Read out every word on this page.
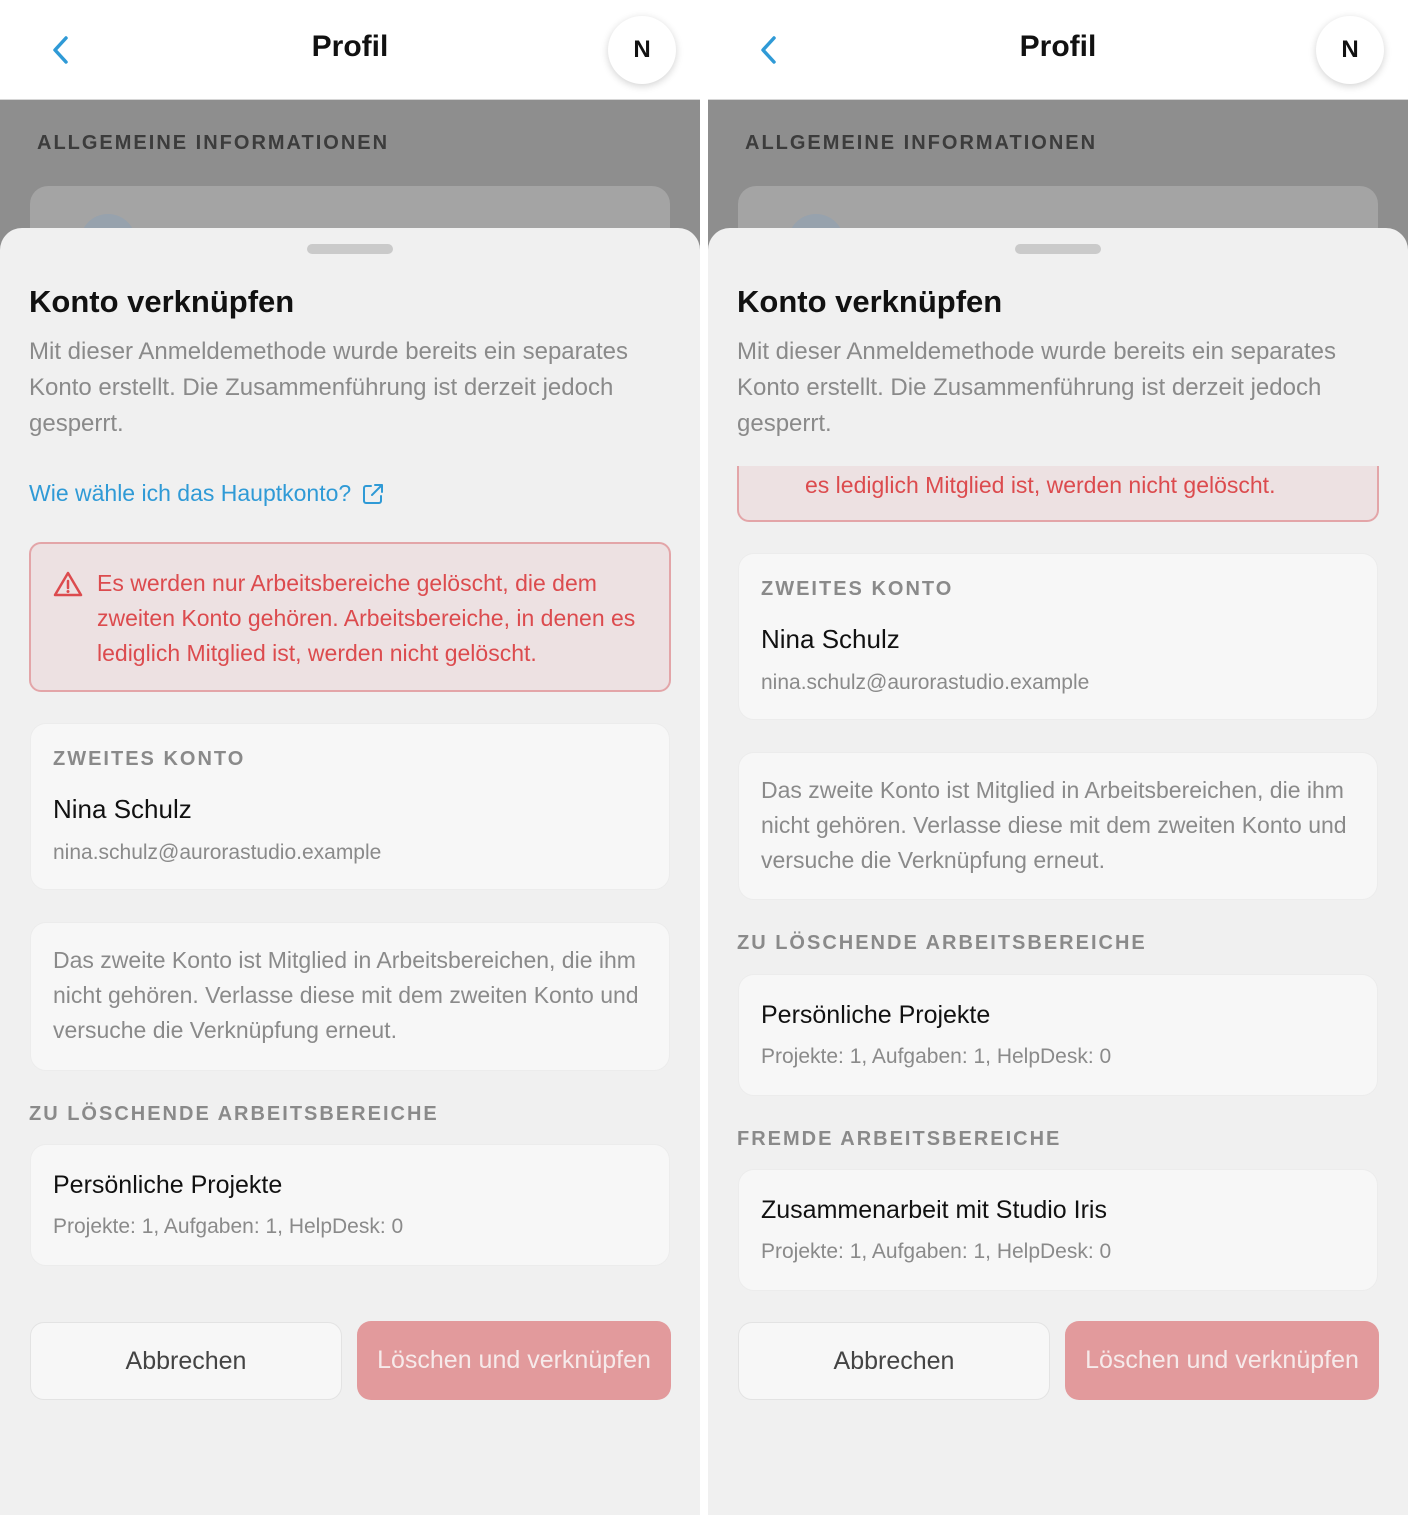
Profil	N
ALLGEMEINE INFORMATIONEN
Konto verknüpfen
Mit dieser Anmeldemethode wurde bereits ein separates Konto erstellt. Die Zusammenführung ist derzeit jedoch gesperrt.
Wie wähle ich das Hauptkonto?
Es werden nur Arbeitsbereiche gelöscht, die dem zweiten Konto gehören. Arbeitsbereiche, in denen es lediglich Mitglied ist, werden nicht gelöscht.
ZWEITES KONTO
Nina Schulz
nina.schulz@aurorastudio.example
Das zweite Konto ist Mitglied in Arbeitsbereichen, die ihm nicht gehören. Verlasse diese mit dem zweiten Konto und versuche die Verknüpfung erneut.
ZU LÖSCHENDE ARBEITSBEREICHE
Persönliche Projekte
Projekte: 1, Aufgaben: 1, HelpDesk: 0
Abbrechen	Löschen und verknüpfen
Profil	N
ALLGEMEINE INFORMATIONEN
Konto verknüpfen
Mit dieser Anmeldemethode wurde bereits ein separates Konto erstellt. Die Zusammenführung ist derzeit jedoch gesperrt.
es lediglich Mitglied ist, werden nicht gelöscht.
ZWEITES KONTO
Nina Schulz
nina.schulz@aurorastudio.example
Das zweite Konto ist Mitglied in Arbeitsbereichen, die ihm nicht gehören. Verlasse diese mit dem zweiten Konto und versuche die Verknüpfung erneut.
ZU LÖSCHENDE ARBEITSBEREICHE
Persönliche Projekte
Projekte: 1, Aufgaben: 1, HelpDesk: 0
FREMDE ARBEITSBEREICHE
Zusammenarbeit mit Studio Iris
Projekte: 1, Aufgaben: 1, HelpDesk: 0
Abbrechen	Löschen und verknüpfen
